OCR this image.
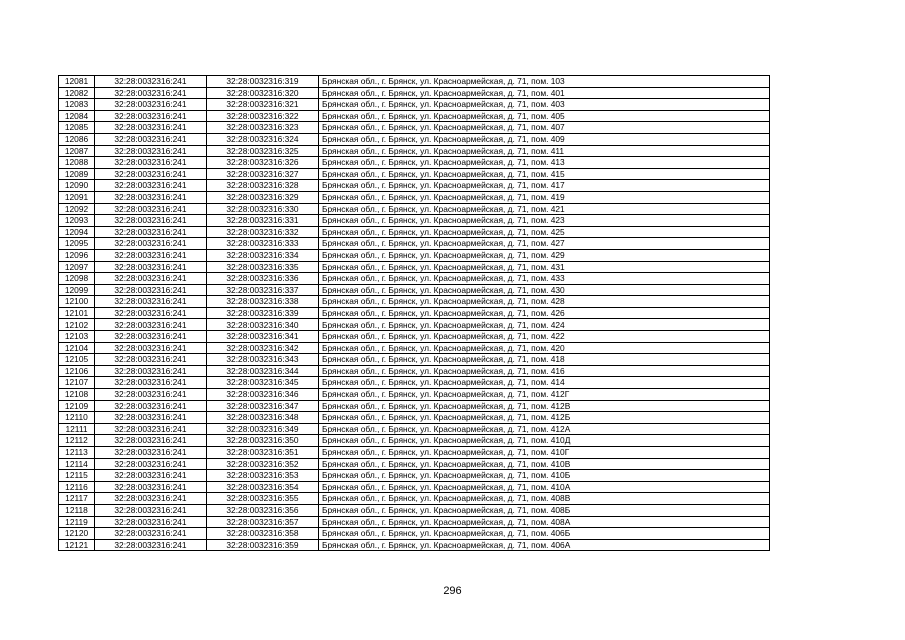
12081	32:28:0032316:241	32:28:0032316:319	Брянская обл., г. Брянск, ул. Красноармейская, д. 71, пом. 103
12082	32:28:0032316:241	32:28:0032316:320	Брянская обл., г. Брянск, ул. Красноармейская, д. 71, пом. 401
12083	32:28:0032316:241	32:28:0032316:321	Брянская обл., г. Брянск, ул. Красноармейская, д. 71, пом. 403
12084	32:28:0032316:241	32:28:0032316:322	Брянская обл., г. Брянск, ул. Красноармейская, д. 71, пом. 405
12085	32:28:0032316:241	32:28:0032316:323	Брянская обл., г. Брянск, ул. Красноармейская, д. 71, пом. 407
12086	32:28:0032316:241	32:28:0032316:324	Брянская обл., г. Брянск, ул. Красноармейская, д. 71, пом. 409
12087	32:28:0032316:241	32:28:0032316:325	Брянская обл., г. Брянск, ул. Красноармейская, д. 71, пом. 411
12088	32:28:0032316:241	32:28:0032316:326	Брянская обл., г. Брянск, ул. Красноармейская, д. 71, пом. 413
12089	32:28:0032316:241	32:28:0032316:327	Брянская обл., г. Брянск, ул. Красноармейская, д. 71, пом. 415
12090	32:28:0032316:241	32:28:0032316:328	Брянская обл., г. Брянск, ул. Красноармейская, д. 71, пом. 417
12091	32:28:0032316:241	32:28:0032316:329	Брянская обл., г. Брянск, ул. Красноармейская, д. 71, пом. 419
12092	32:28:0032316:241	32:28:0032316:330	Брянская обл., г. Брянск, ул. Красноармейская, д. 71, пом. 421
12093	32:28:0032316:241	32:28:0032316:331	Брянская обл., г. Брянск, ул. Красноармейская, д. 71, пом. 423
12094	32:28:0032316:241	32:28:0032316:332	Брянская обл., г. Брянск, ул. Красноармейская, д. 71, пом. 425
12095	32:28:0032316:241	32:28:0032316:333	Брянская обл., г. Брянск, ул. Красноармейская, д. 71, пом. 427
12096	32:28:0032316:241	32:28:0032316:334	Брянская обл., г. Брянск, ул. Красноармейская, д. 71, пом. 429
12097	32:28:0032316:241	32:28:0032316:335	Брянская обл., г. Брянск, ул. Красноармейская, д. 71, пом. 431
12098	32:28:0032316:241	32:28:0032316:336	Брянская обл., г. Брянск, ул. Красноармейская, д. 71, пом. 433
12099	32:28:0032316:241	32:28:0032316:337	Брянская обл., г. Брянск, ул. Красноармейская, д. 71, пом. 430
12100	32:28:0032316:241	32:28:0032316:338	Брянская обл., г. Брянск, ул. Красноармейская, д. 71, пом. 428
12101	32:28:0032316:241	32:28:0032316:339	Брянская обл., г. Брянск, ул. Красноармейская, д. 71, пом. 426
12102	32:28:0032316:241	32:28:0032316:340	Брянская обл., г. Брянск, ул. Красноармейская, д. 71, пом. 424
12103	32:28:0032316:241	32:28:0032316:341	Брянская обл., г. Брянск, ул. Красноармейская, д. 71, пом. 422
12104	32:28:0032316:241	32:28:0032316:342	Брянская обл., г. Брянск, ул. Красноармейская, д. 71, пом. 420
12105	32:28:0032316:241	32:28:0032316:343	Брянская обл., г. Брянск, ул. Красноармейская, д. 71, пом. 418
12106	32:28:0032316:241	32:28:0032316:344	Брянская обл., г. Брянск, ул. Красноармейская, д. 71, пом. 416
12107	32:28:0032316:241	32:28:0032316:345	Брянская обл., г. Брянск, ул. Красноармейская, д. 71, пом. 414
12108	32:28:0032316:241	32:28:0032316:346	Брянская обл., г. Брянск, ул. Красноармейская, д. 71, пом. 412Г
12109	32:28:0032316:241	32:28:0032316:347	Брянская обл., г. Брянск, ул. Красноармейская, д. 71, пом. 412В
12110	32:28:0032316:241	32:28:0032316:348	Брянская обл., г. Брянск, ул. Красноармейская, д. 71, пом. 412Б
12111	32:28:0032316:241	32:28:0032316:349	Брянская обл., г. Брянск, ул. Красноармейская, д. 71, пом. 412А
12112	32:28:0032316:241	32:28:0032316:350	Брянская обл., г. Брянск, ул. Красноармейская, д. 71, пом. 410Д
12113	32:28:0032316:241	32:28:0032316:351	Брянская обл., г. Брянск, ул. Красноармейская, д. 71, пом. 410Г
12114	32:28:0032316:241	32:28:0032316:352	Брянская обл., г. Брянск, ул. Красноармейская, д. 71, пом. 410В
12115	32:28:0032316:241	32:28:0032316:353	Брянская обл., г. Брянск, ул. Красноармейская, д. 71, пом. 410Б
12116	32:28:0032316:241	32:28:0032316:354	Брянская обл., г. Брянск, ул. Красноармейская, д. 71, пом. 410А
12117	32:28:0032316:241	32:28:0032316:355	Брянская обл., г. Брянск, ул. Красноармейская, д. 71, пом. 408В
12118	32:28:0032316:241	32:28:0032316:356	Брянская обл., г. Брянск, ул. Красноармейская, д. 71, пом. 408Б
12119	32:28:0032316:241	32:28:0032316:357	Брянская обл., г. Брянск, ул. Красноармейская, д. 71, пом. 408А
12120	32:28:0032316:241	32:28:0032316:358	Брянская обл., г. Брянск, ул. Красноармейская, д. 71, пом. 406Б
12121	32:28:0032316:241	32:28:0032316:359	Брянская обл., г. Брянск, ул. Красноармейская, д. 71, пом. 406А
296
